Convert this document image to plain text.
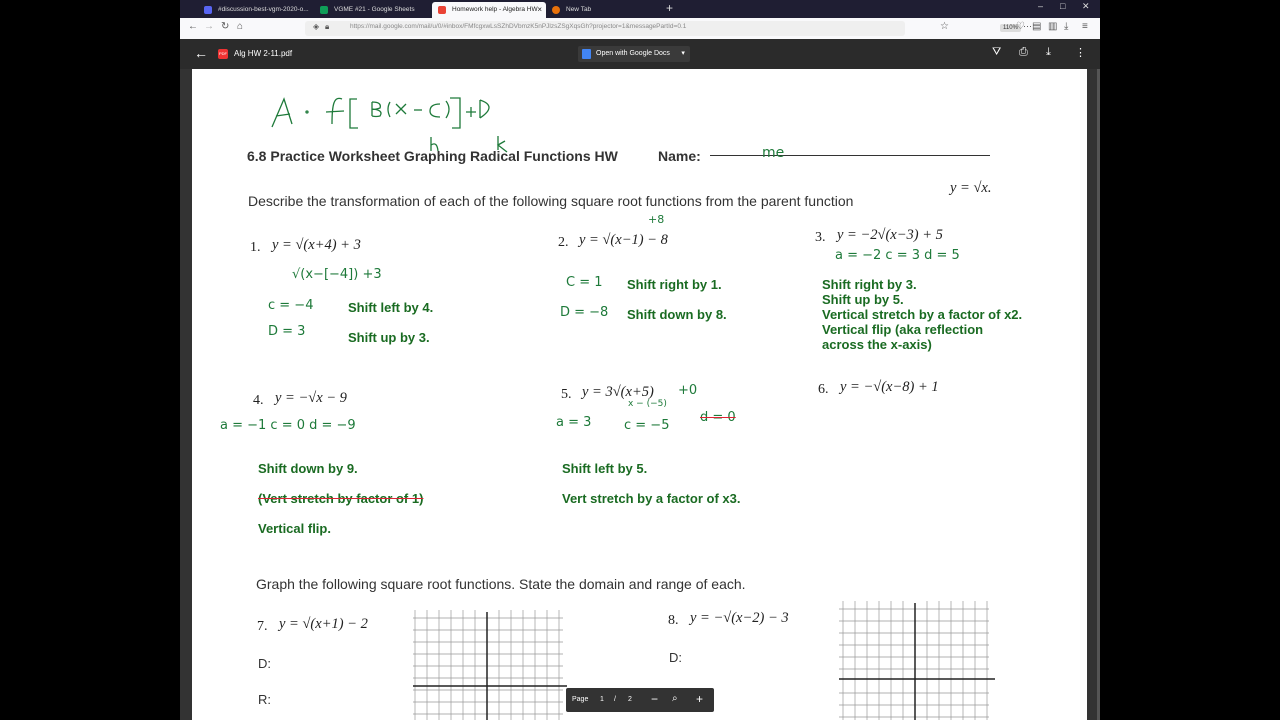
#discussion-best-vgm-2020-o...	VGME #21 - Google Sheets	Homework help - Algebra HW ×	New Tab	+	– □ ✕
← → ↻ ⌂	◈ 🔒︎	https://mail.google.com/mail/u/0/#inbox/FMfcgxwLsSZhDVbmzK5nPJlzsZSgXqsGh?projector=1&messagePartId=0.1	110% ⋯
☆	♡ ▤ ▥ ⤓ ≡
←	PDF Alg HW 2-11.pdf	Open with Google Docs ▾	⛛ ⎙ ⤓ ⋮
6.8 Practice Worksheet Graphing Radical Functions HW	Name:	me
Describe the transformation of each of the following square root functions from the parent function
y = √x.
1. y = √(x+4) + 3
√(x−[−4]) +3
c = −4
D = 3
Shift left by 4.
Shift up by 3.
2. y = √(x−1) − 8
+8
C = 1
D = −8
Shift right by 1.
Shift down by 8.
3. y = −2√(x−3) + 5
a = −2 c = 3 d = 5
Shift right by 3.
Shift up by 5.
Vertical stretch by a factor of x2.
Vertical flip (aka reflection
across the x-axis)
4. y = −√x − 9
a = −1 c = 0 d = −9
Shift down by 9.
(Vert stretch by factor of 1)
Vertical flip.
5. y = 3√(x+5) +0
x − (−5)
a = 3	c = −5
d = 0
Shift left by 5.
Vert stretch by a factor of x3.
6. y = −√(x−8) + 1
Graph the following square root functions. State the domain and range of each.
7. y = √(x+1) − 2
D:
R:
8. y = −√(x−2) − 3
D:
Page 1 / 2 − ⌕ +
